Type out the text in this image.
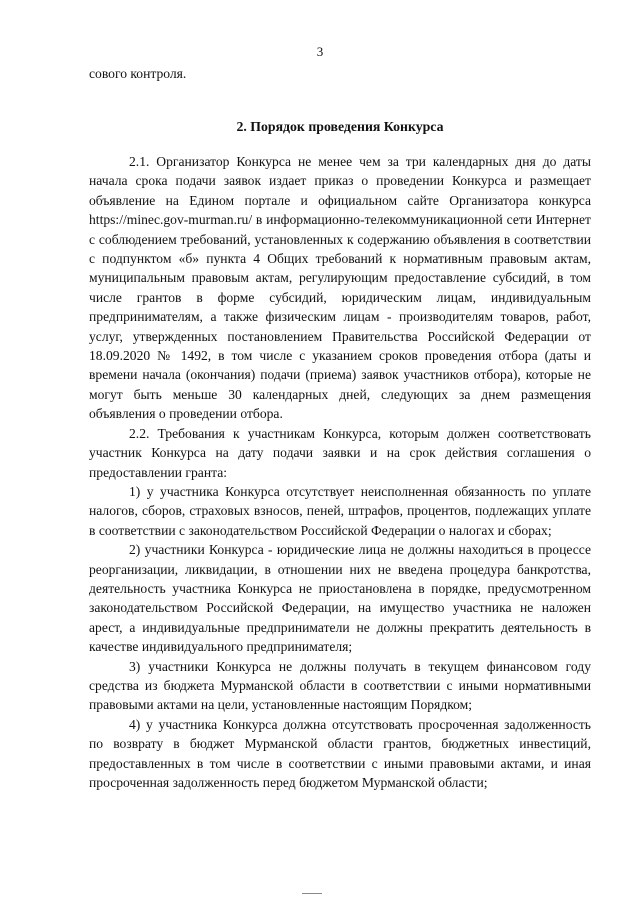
3

сового контроля.

2. Порядок проведения Конкурса

2.1. Организатор Конкурса не менее чем за три календарных дня до даты начала срока подачи заявок издает приказ о проведении Конкурса и размещает объявление на Едином портале и официальном сайте Организатора конкурса https://minec.gov-murman.ru/ в информационно-телекоммуникационной сети Интернет с соблюдением требований, установленных к содержанию объявления в соответствии с подпунктом «б» пункта 4 Общих требований к нормативным правовым актам, муниципальным правовым актам, регулирующим предоставление субсидий, в том числе грантов в форме субсидий, юридическим лицам, индивидуальным предпринимателям, а также физическим лицам - производителям товаров, работ, услуг, утвержденных постановлением Правительства Российской Федерации от 18.09.2020 № 1492, в том числе с указанием сроков проведения отбора (даты и времени начала (окончания) подачи (приема) заявок участников отбора), которые не могут быть меньше 30 календарных дней, следующих за днем размещения объявления о проведении отбора.

2.2. Требования к участникам Конкурса, которым должен соответствовать участник Конкурса на дату подачи заявки и на срок действия соглашения о предоставлении гранта:

1) у участника Конкурса отсутствует неисполненная обязанность по уплате налогов, сборов, страховых взносов, пеней, штрафов, процентов, подлежащих уплате в соответствии с законодательством Российской Федерации о налогах и сборах;

2) участники Конкурса - юридические лица не должны находиться в процессе реорганизации, ликвидации, в отношении них не введена процедура банкротства, деятельность участника Конкурса не приостановлена в порядке, предусмотренном законодательством Российской Федерации, на имуществo участника не наложен арест, а индивидуальные предприниматели не должны прекратить деятельность в качестве индивидуального предпринимателя;

3) участники Конкурса не должны получать в текущем финансовом году средства из бюджета Мурманской области в соответствии с иными нормативными правовыми актами на цели, установленные настоящим Порядком;

4) у участника Конкурса должна отсутствовать просроченная задолженность по возврату в бюджет Мурманской области грантов, бюджетных инвестиций, предоставленных в том числе в соответствии с иными правовыми актами, и иная просроченная задолженность перед бюджетом Мурманской области;
